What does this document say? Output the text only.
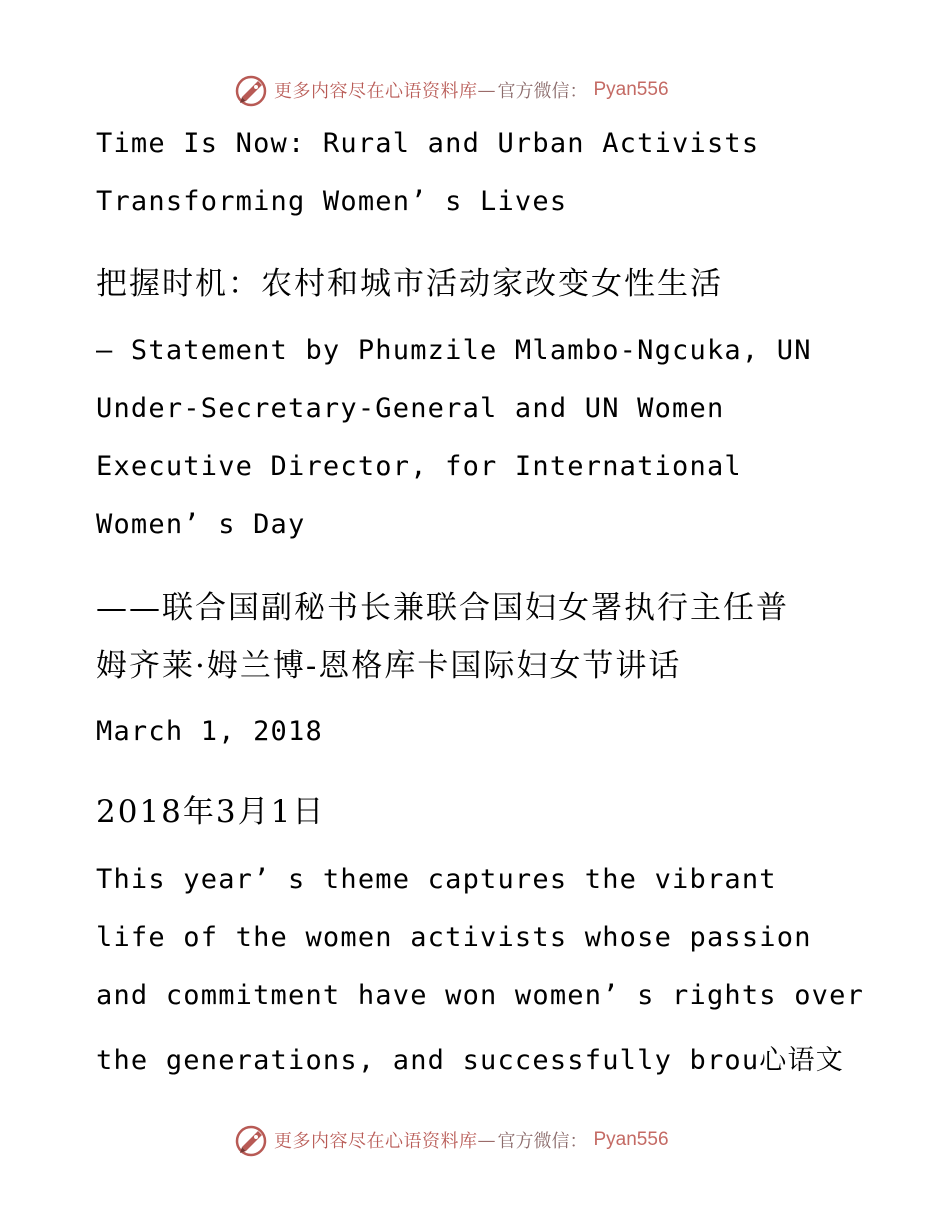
更多内容尽在心语资料库 — 官方微信： Pyan556

Time Is Now: Rural and Urban Activists

Transforming Women’ s Lives

把握时机：农村和城市活动家改变女性生活

– Statement by Phumzile Mlambo-Ngcuka, UN

Under-Secretary-General and UN Women

Executive Director, for International

Women’ s Day

——联合国副秘书长兼联合国妇女署执行主任普

姆齐莱·姆兰博-恩格库卡国际妇女节讲话

March 1, 2018

2018年3月1日

This year’ s theme captures the vibrant

life of the women activists whose passion

and commitment have won women’ s rights over

the generations, and successfully brou心语文

更多内容尽在心语资料库 — 官方微信： Pyan556
